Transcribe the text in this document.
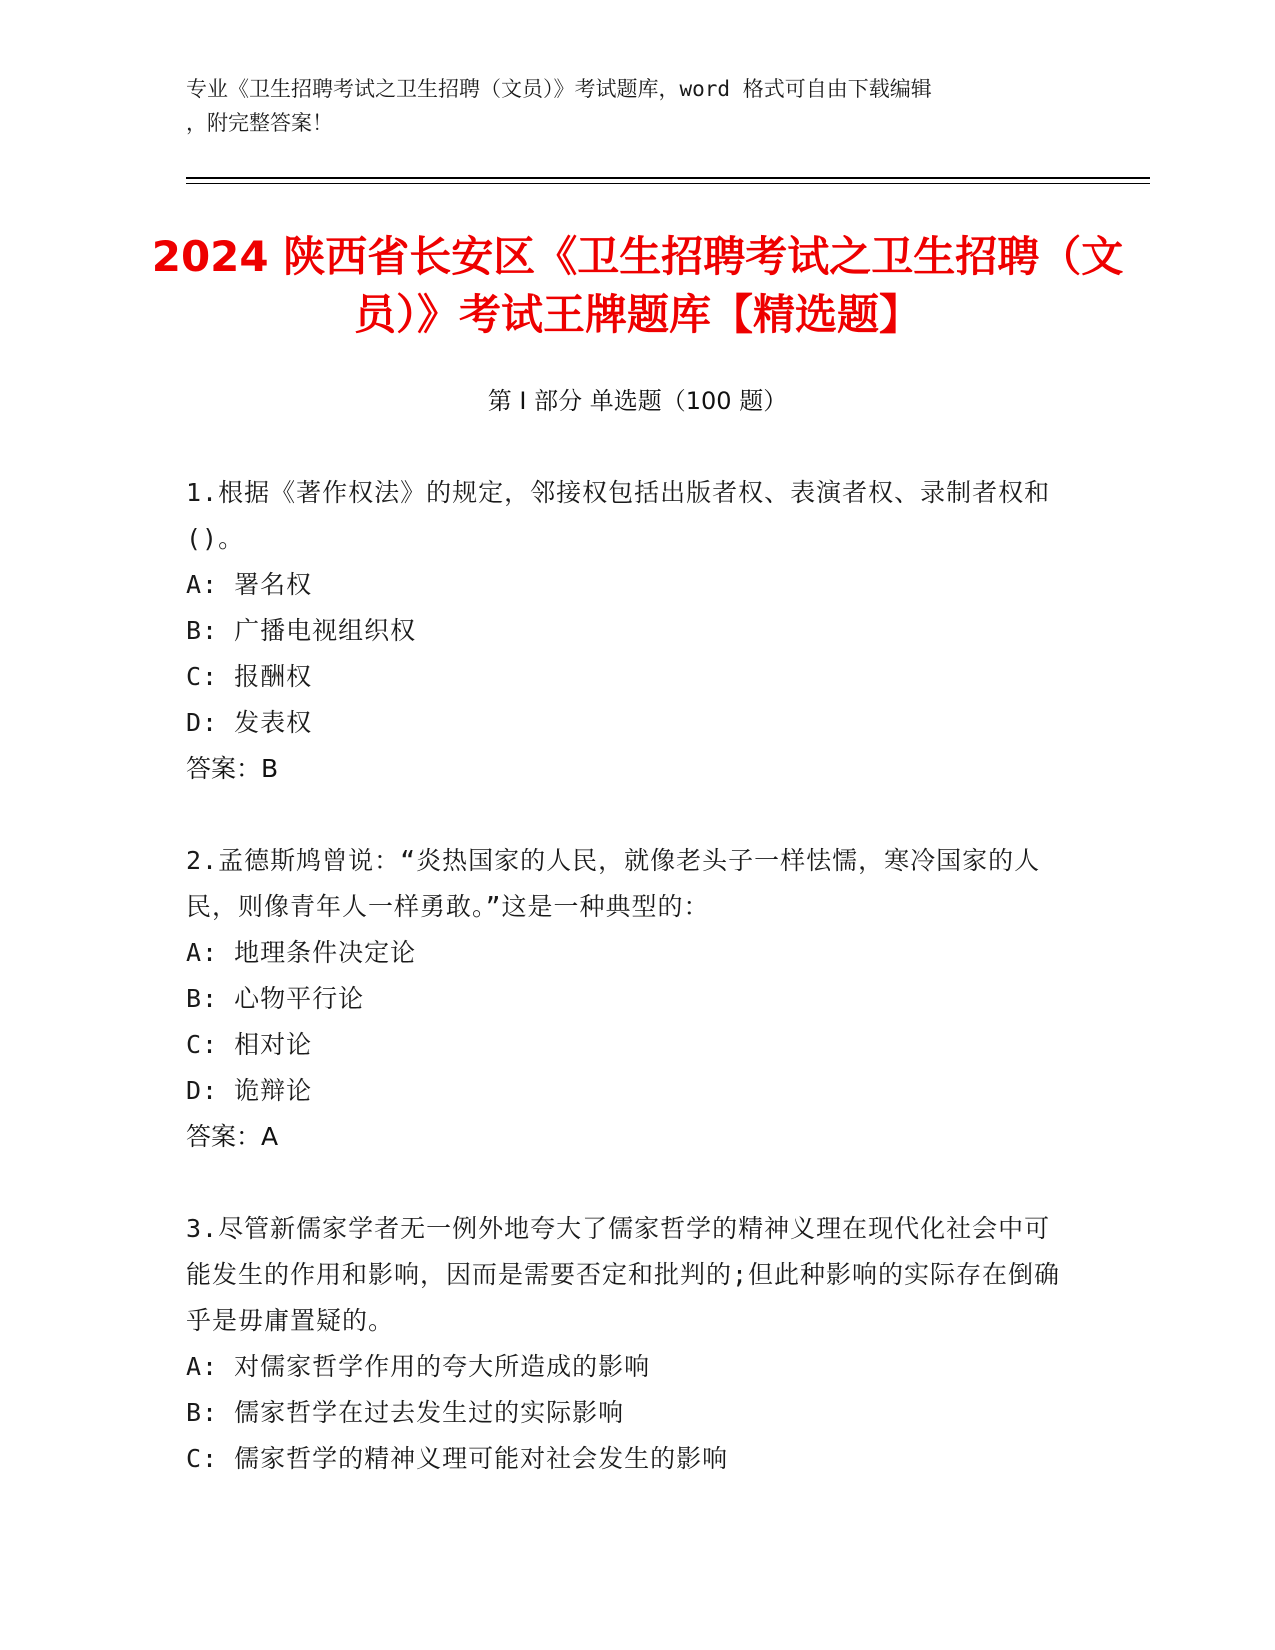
专业《卫生招聘考试之卫生招聘（文员）》考试题库，word 格式可自由下载编辑
，附完整答案！
2024 陕西省长安区《卫生招聘考试之卫生招聘（文员）》考试王牌题库【精选题】
第 I 部分 单选题（100 题）
1.根据《著作权法》的规定，邻接权包括出版者权、表演者权、录制者权和()。
A: 署名权
B: 广播电视组织权
C: 报酬权
D: 发表权
答案：B
2.孟德斯鸠曾说：“炎热国家的人民，就像老头子一样怯懦，寒冷国家的人民，则像青年人一样勇敢。”这是一种典型的：
A: 地理条件决定论
B: 心物平行论
C: 相对论
D: 诡辩论
答案：A
3.尽管新儒家学者无一例外地夸大了儒家哲学的精神义理在现代化社会中可能发生的作用和影响，因而是需要否定和批判的;但此种影响的实际存在倒确乎是毋庸置疑的。
A: 对儒家哲学作用的夸大所造成的影响
B: 儒家哲学在过去发生过的实际影响
C: 儒家哲学的精神义理可能对社会发生的影响
